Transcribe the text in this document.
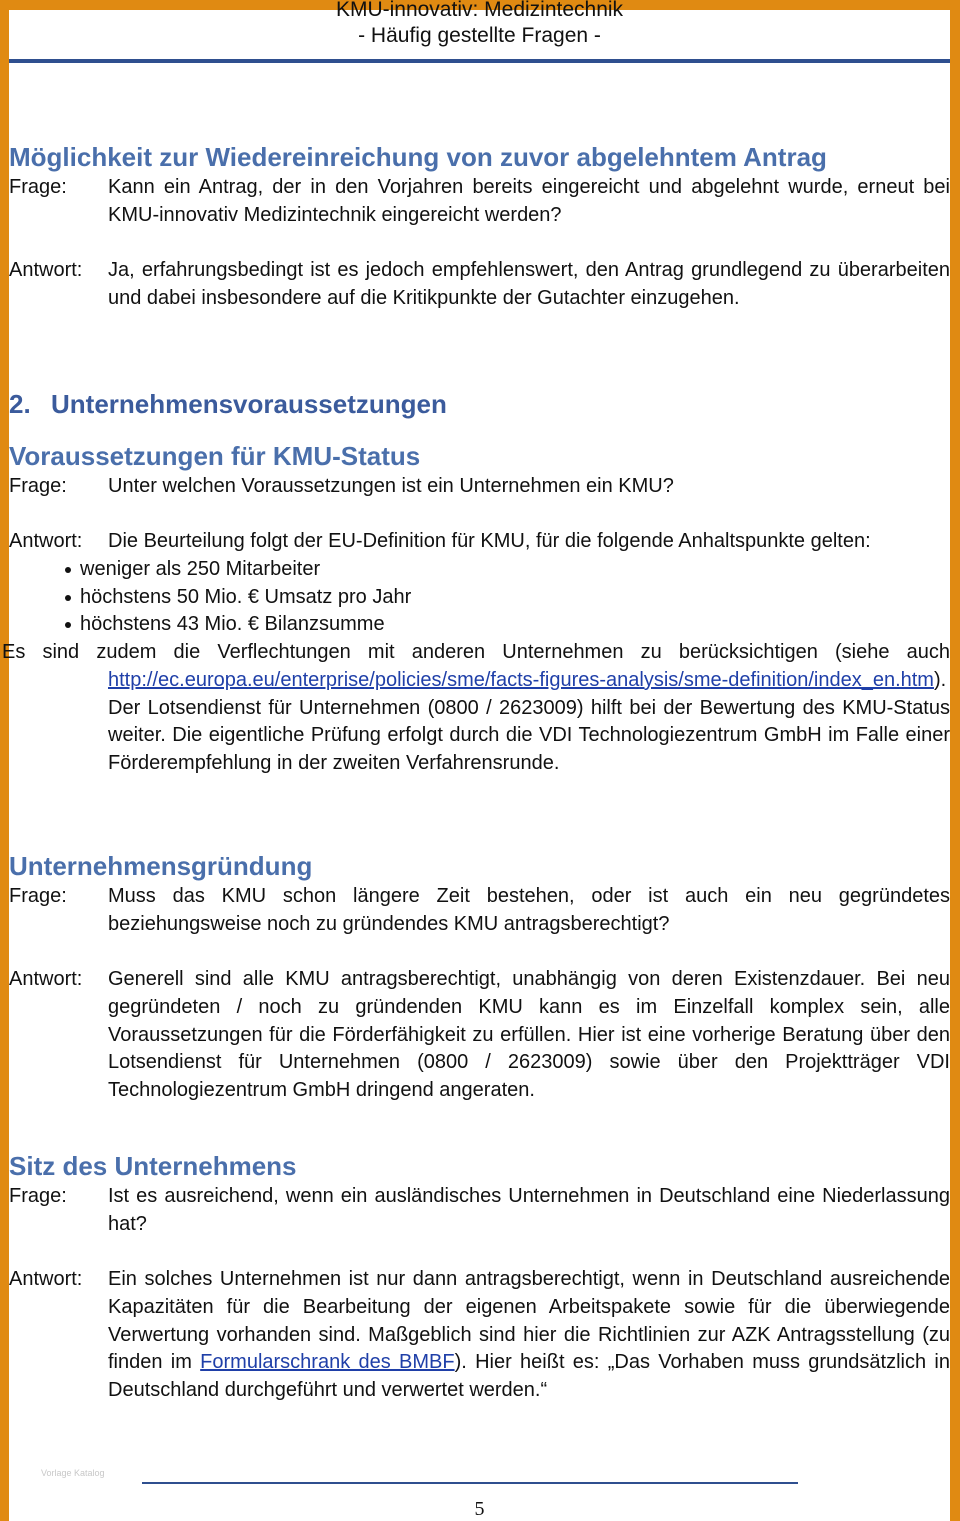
KMU-innovativ: Medizintechnik
- Häufig gestellte Fragen -
Möglichkeit zur Wiedereinreichung von zuvor abgelehntem Antrag
Frage:	Kann ein Antrag, der in den Vorjahren bereits eingereicht und abgelehnt wurde, erneut bei KMU-innovativ Medizintechnik eingereicht werden?
Antwort:	Ja, erfahrungsbedingt ist es jedoch empfehlenswert, den Antrag grundlegend zu überarbeiten und dabei insbesondere auf die Kritikpunkte der Gutachter einzugehen.
2. Unternehmensvoraussetzungen
Voraussetzungen für KMU-Status
Frage:	Unter welchen Voraussetzungen ist ein Unternehmen ein KMU?
Antwort:	Die Beurteilung folgt der EU-Definition für KMU, für die folgende Anhaltspunkte gelten:
weniger als 250 Mitarbeiter
höchstens 50 Mio. € Umsatz pro Jahr
höchstens 43 Mio. € Bilanzsumme
Es sind zudem die Verflechtungen mit anderen Unternehmen zu berücksichtigen (siehe auch
http://ec.europa.eu/enterprise/policies/sme/facts-figures-analysis/sme-definition/index_en.htm). Der Lotsendienst für Unternehmen (0800 / 2623009) hilft bei der Bewertung des KMU-Status weiter. Die eigentliche Prüfung erfolgt durch die VDI Technologiezentrum GmbH im Falle einer Förderempfehlung in der zweiten Verfahrensrunde.
Unternehmensgründung
Frage:	Muss das KMU schon längere Zeit bestehen, oder ist auch ein neu gegründetes beziehungsweise noch zu gründendes KMU antragsberechtigt?
Antwort:	Generell sind alle KMU antragsberechtigt, unabhängig von deren Existenzdauer. Bei neu gegründeten / noch zu gründenden KMU kann es im Einzelfall komplex sein, alle Voraussetzungen für die Förderfähigkeit zu erfüllen. Hier ist eine vorherige Beratung über den Lotsendienst für Unternehmen (0800 / 2623009) sowie über den Projektträger VDI Technologiezentrum GmbH dringend angeraten.
Sitz des Unternehmens
Frage:	Ist es ausreichend, wenn ein ausländisches Unternehmen in Deutschland eine Niederlassung hat?
Antwort:	Ein solches Unternehmen ist nur dann antragsberechtigt, wenn in Deutschland ausreichende Kapazitäten für die Bearbeitung der eigenen Arbeitspakete sowie für die überwiegende Verwertung vorhanden sind. Maßgeblich sind hier die Richtlinien zur AZK Antragsstellung (zu finden im Formularschrank des BMBF). Hier heißt es: „Das Vorhaben muss grundsätzlich in Deutschland durchgeführt und verwertet werden.“
Vorlage Katalog
5
